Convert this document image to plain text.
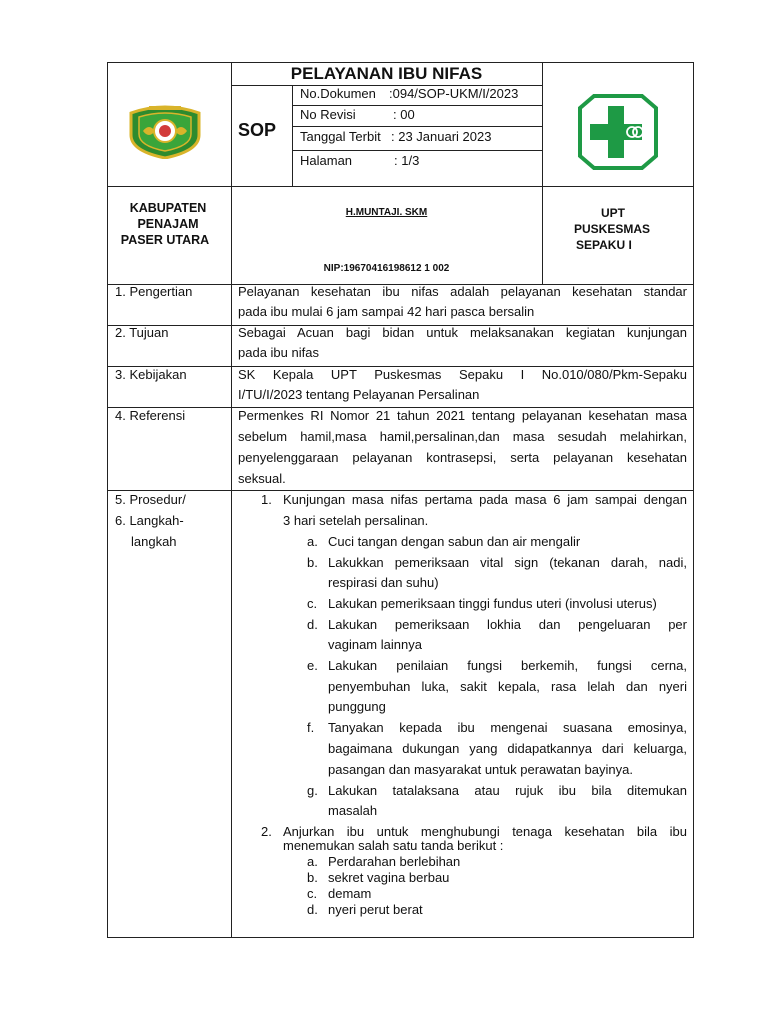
PELAYANAN IBU NIFAS
SOP
No.Dokumen :094/SOP-UKM/I/2023
No Revisi	: 00
Tanggal Terbit : 23 Januari 2023
Halaman	: 1/3
KABUPATEN
PENAJAM
PASER UTARA
H.MUNTAJI. SKM
NIP:19670416198612 1 002
UPT
PUSKESMAS
SEPAKU I
1. Pengertian	Pelayanan kesehatan ibu nifas adalah pelayanan kesehatan standar
pada ibu mulai 6 jam sampai 42 hari pasca bersalin
2. Tujuan	Sebagai Acuan bagi bidan untuk melaksanakan kegiatan kunjungan
pada ibu nifas
3. Kebijakan	SK Kepala UPT Puskesmas Sepaku I No.010/080/Pkm-Sepaku
I/TU/I/2023 tentang Pelayanan Persalinan
4. Referensi	Permenkes RI Nomor 21 tahun 2021 tentang pelayanan kesehatan masa
sebelum hamil,masa hamil,persalinan,dan masa sesudah melahirkan,
penyelenggaraan pelayanan kontrasepsi, serta pelayanan kesehatan
seksual.
5. Prosedur/
6. Langkah-
langkah
1. Kunjungan masa nifas pertama pada masa 6 jam sampai dengan
3 hari setelah persalinan.
a. Cuci tangan dengan sabun dan air mengalir
b. Lakukkan pemeriksaan vital sign (tekanan darah, nadi,
respirasi dan suhu)
c. Lakukan pemeriksaan tinggi fundus uteri (involusi uterus)
d. Lakukan pemeriksaan lokhia dan pengeluaran per
vaginam lainnya
e. Lakukan penilaian fungsi berkemih, fungsi cerna,
penyembuhan luka, sakit kepala, rasa lelah dan nyeri
punggung
f. Tanyakan kepada ibu mengenai suasana emosinya,
bagaimana dukungan yang didapatkannya dari keluarga,
pasangan dan masyarakat untuk perawatan bayinya.
g. Lakukan tatalaksana atau rujuk ibu bila ditemukan
masalah
2. Anjurkan ibu untuk menghubungi tenaga kesehatan bila ibu
menemukan salah satu tanda berikut :
a. Perdarahan berlebihan
b. sekret vagina berbau
c. demam
d. nyeri perut berat
